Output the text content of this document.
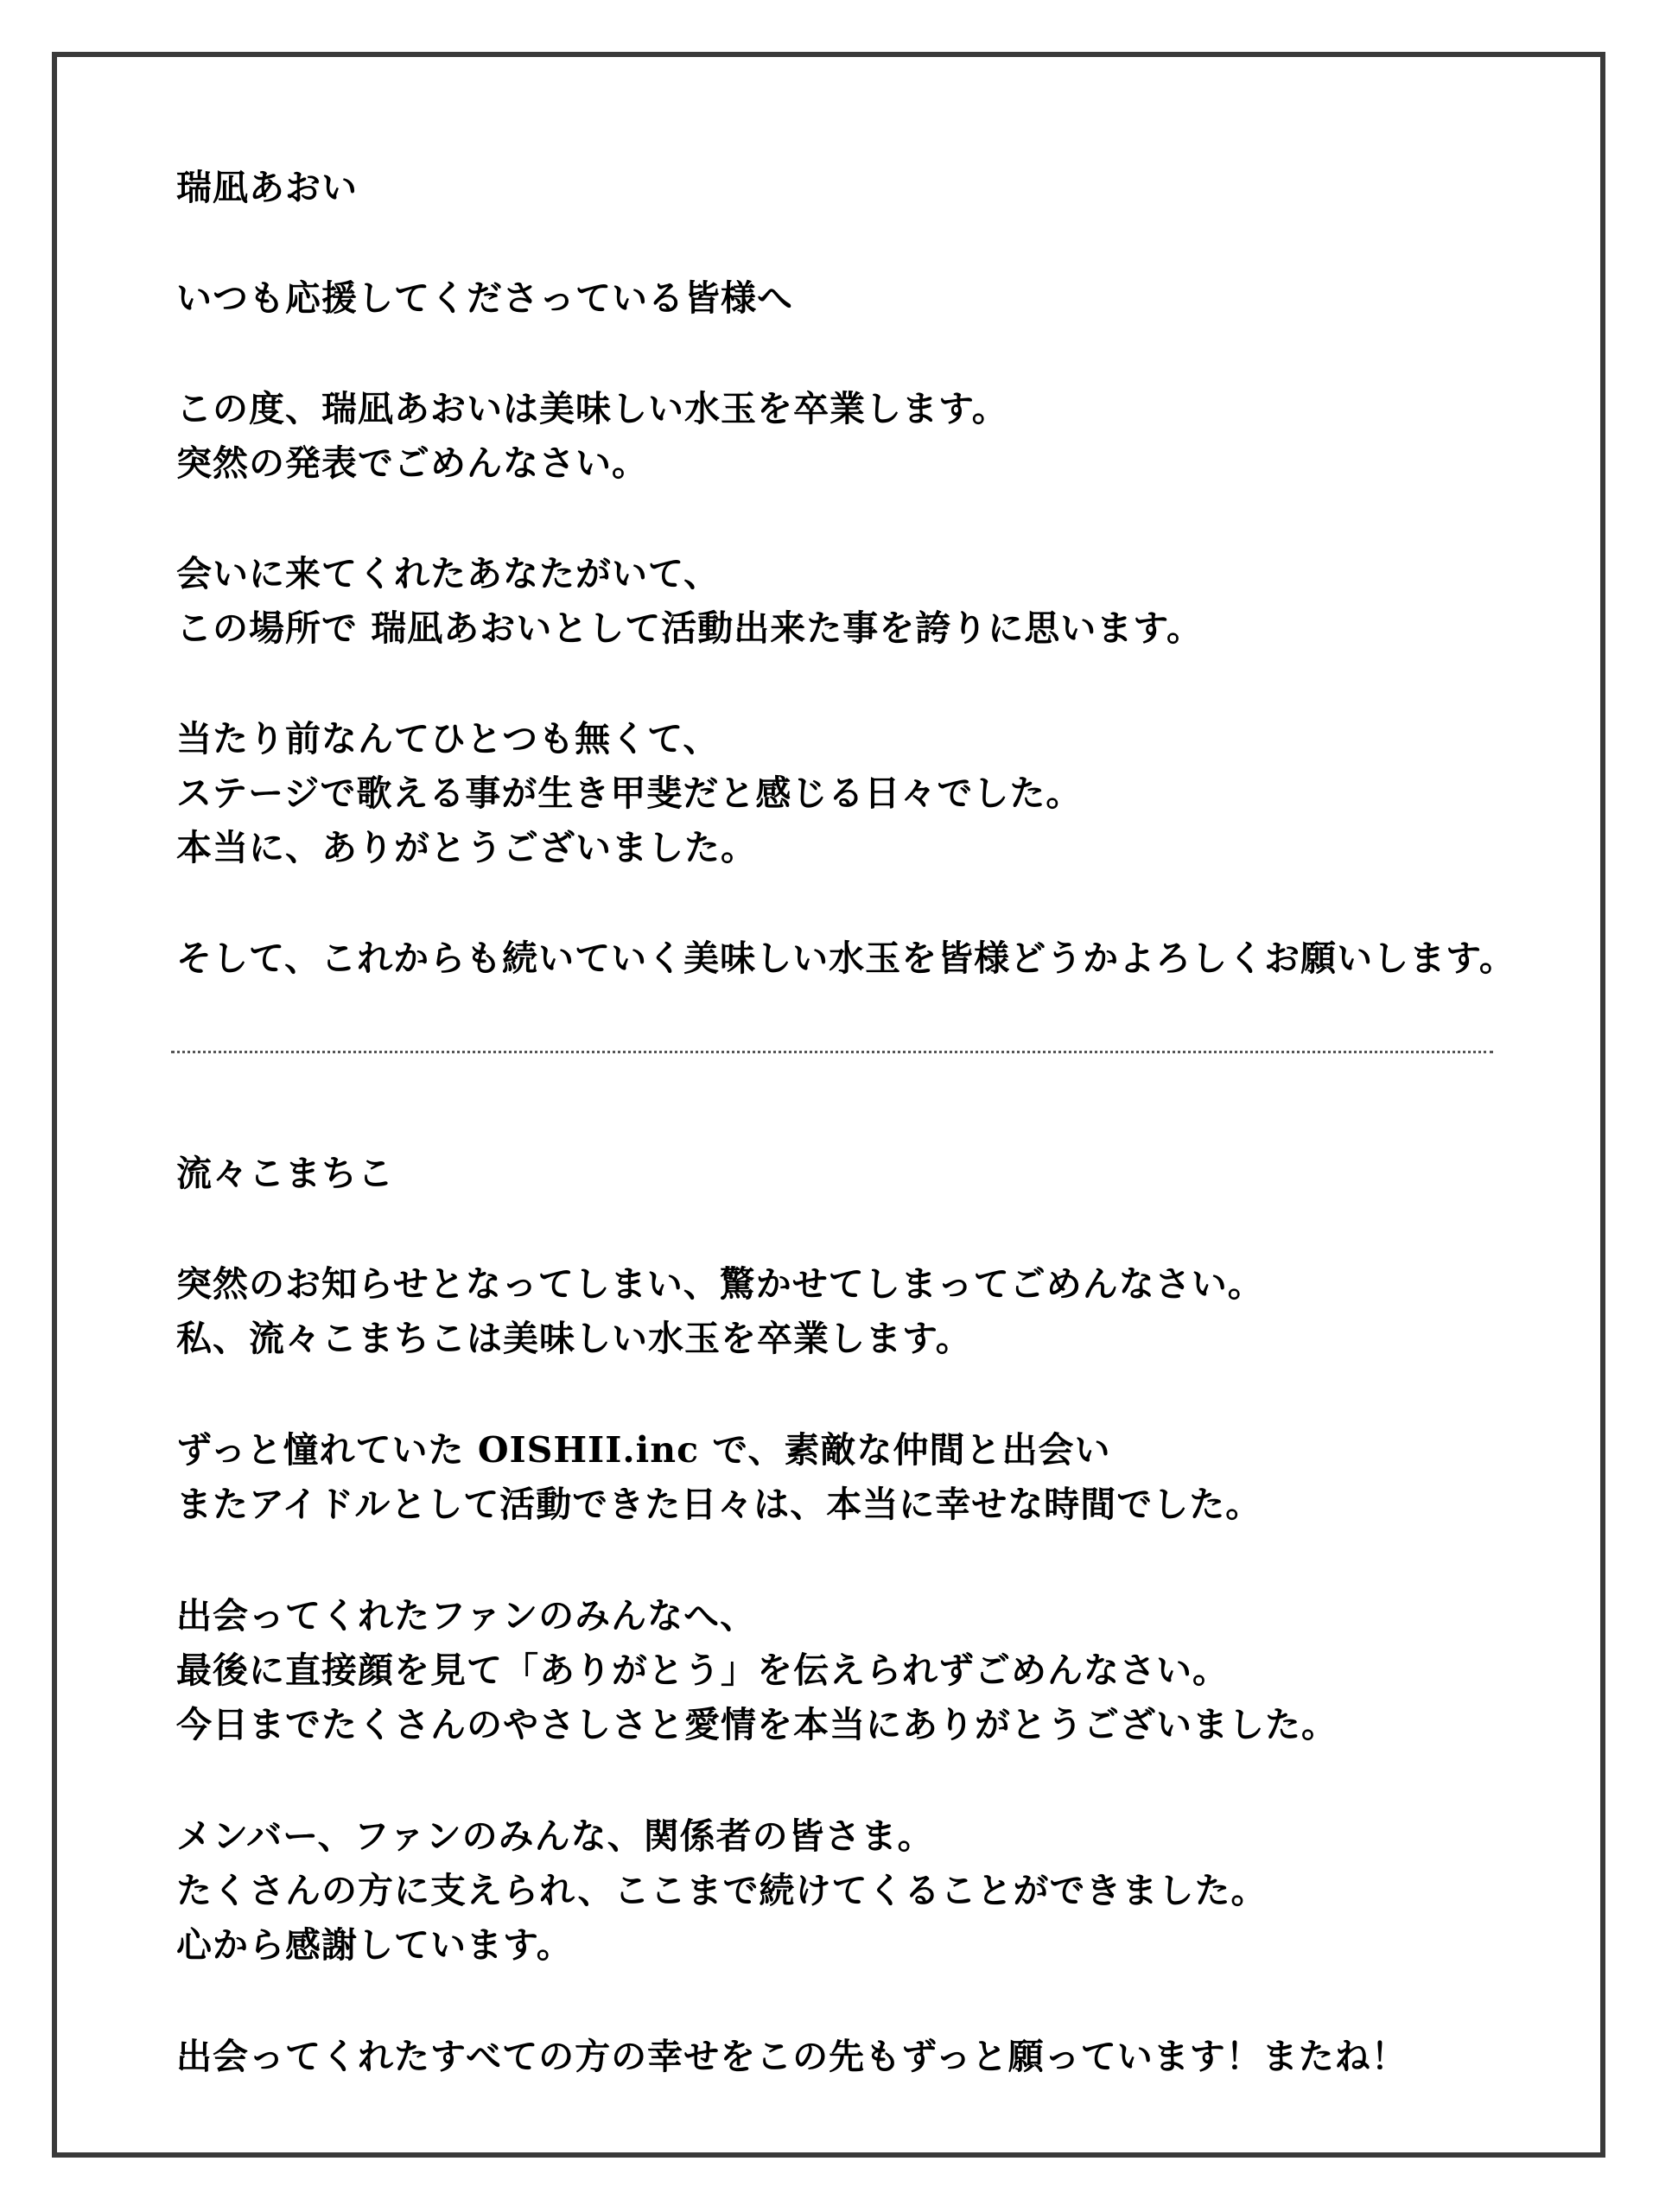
瑞凪あおい
いつも応援してくださっている皆様へ
この度、瑞凪あおいは美味しい水玉を卒業します。
突然の発表でごめんなさい。
会いに来てくれたあなたがいて、
この場所で 瑞凪あおいとして活動出来た事を誇りに思います。
当たり前なんてひとつも無くて、
ステージで歌える事が生き甲斐だと感じる日々でした。
本当に、ありがとうございました。
そして、これからも続いていく美味しい水玉を皆様どうかよろしくお願いします。
流々こまちこ
突然のお知らせとなってしまい、驚かせてしまってごめんなさい。
私、流々こまちこは美味しい水玉を卒業します。
ずっと憧れていた OISHII.inc で、素敵な仲間と出会い
またアイドルとして活動できた日々は、本当に幸せな時間でした。
出会ってくれたファンのみんなへ、
最後に直接顔を見て「ありがとう」を伝えられずごめんなさい。
今日までたくさんのやさしさと愛情を本当にありがとうございました。
メンバー、ファンのみんな、関係者の皆さま。
たくさんの方に支えられ、ここまで続けてくることができました。
心から感謝しています。
出会ってくれたすべての方の幸せをこの先もずっと願っています！またね！
